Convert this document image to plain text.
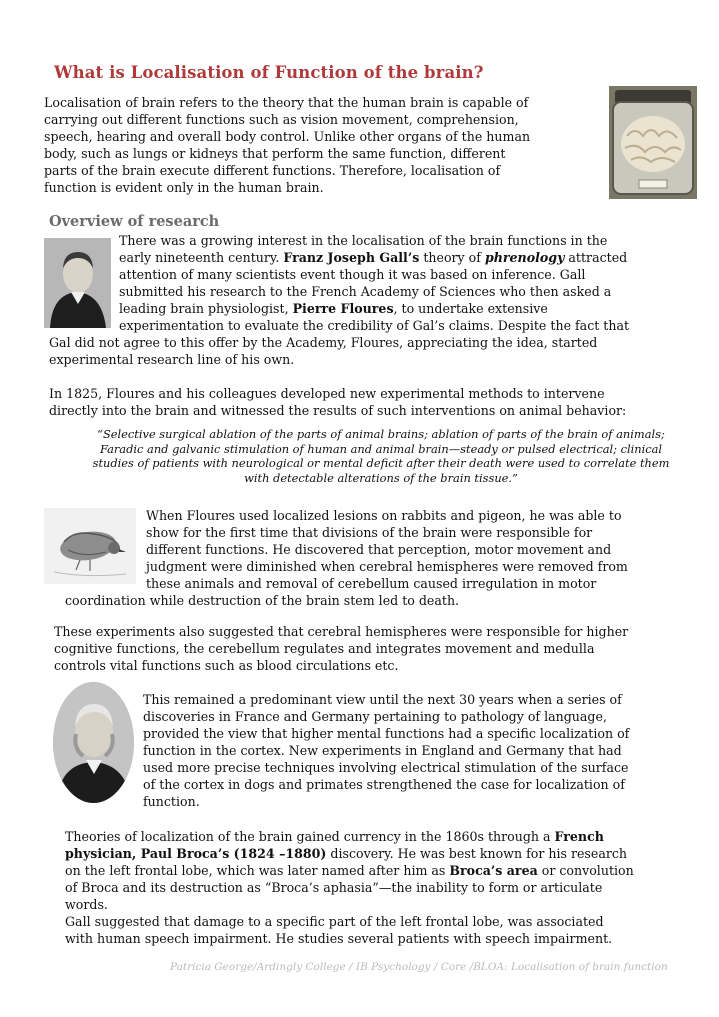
What is Localisation of Function of the brain?
Localisation of brain refers to the theory that the human brain is capable of
carrying out different functions such as vision movement, comprehension,
speech, hearing and overall body control. Unlike other organs of the human
body, such as lungs or kidneys that perform the same function, different
parts of the brain execute different functions. Therefore, localisation of
function is evident only in the human brain.
Overview of research
There was a growing interest in the localisation of the brain functions in the
early nineteenth century. Franz Joseph Gall’s theory of phrenology attracted
attention of many scientists event though it was based on inference. Gall
submitted his research to the French Academy of Sciences who then asked a
leading brain physiologist, Pierre Floures, to undertake extensive
experimentation to evaluate the credibility of Gal’s claims. Despite the fact that
Gal did not agree to this offer by the Academy, Floures, appreciating the idea, started
experimental research line of his own.
In 1825, Floures and his colleagues developed new experimental methods to intervene
directly into the brain and witnessed the results of such interventions on animal behavior:
“Selective surgical ablation of the parts of animal brains; ablation of parts of the brain of animals;
Faradic and galvanic stimulation of human and animal brain—steady or pulsed electrical; clinical
studies of patients with neurological or mental deficit after their death were used to correlate them
with detectable alterations of the brain tissue.”
When Floures used localized lesions on rabbits and pigeon, he was able to
show for the first time that divisions of the brain were responsible for
different functions. He discovered that perception, motor movement and
judgment were diminished when cerebral hemispheres were removed from
these animals and removal of cerebellum caused irregulation in motor
coordination while destruction of the brain stem led to death.
These experiments also suggested that cerebral hemispheres were responsible for higher
cognitive functions, the cerebellum regulates and integrates movement and medulla
controls vital functions such as blood circulations etc.
This remained a predominant view until the next 30 years when a series of
discoveries in France and Germany pertaining to pathology of language,
provided the view that higher mental functions had a specific localization of
function in the cortex. New experiments in England and Germany that had
used more precise techniques involving electrical stimulation of the surface
of the cortex in dogs and primates strengthened the case for localization of
function.
Theories of localization of the brain gained currency in the 1860s through a French
physician, Paul Broca’s (1824 –1880) discovery. He was best known for his research
on the left frontal lobe, which was later named after him as Broca’s area or convolution
of Broca and its destruction as “Broca’s aphasia”—the inability to form or articulate
words.
Gall suggested that damage to a specific part of the left frontal lobe, was associated
with human speech impairment. He studies several patients with speech impairment.
Patricia George/Ardingly College / IB Psychology / Core /BLOA: Localisation of brain function
